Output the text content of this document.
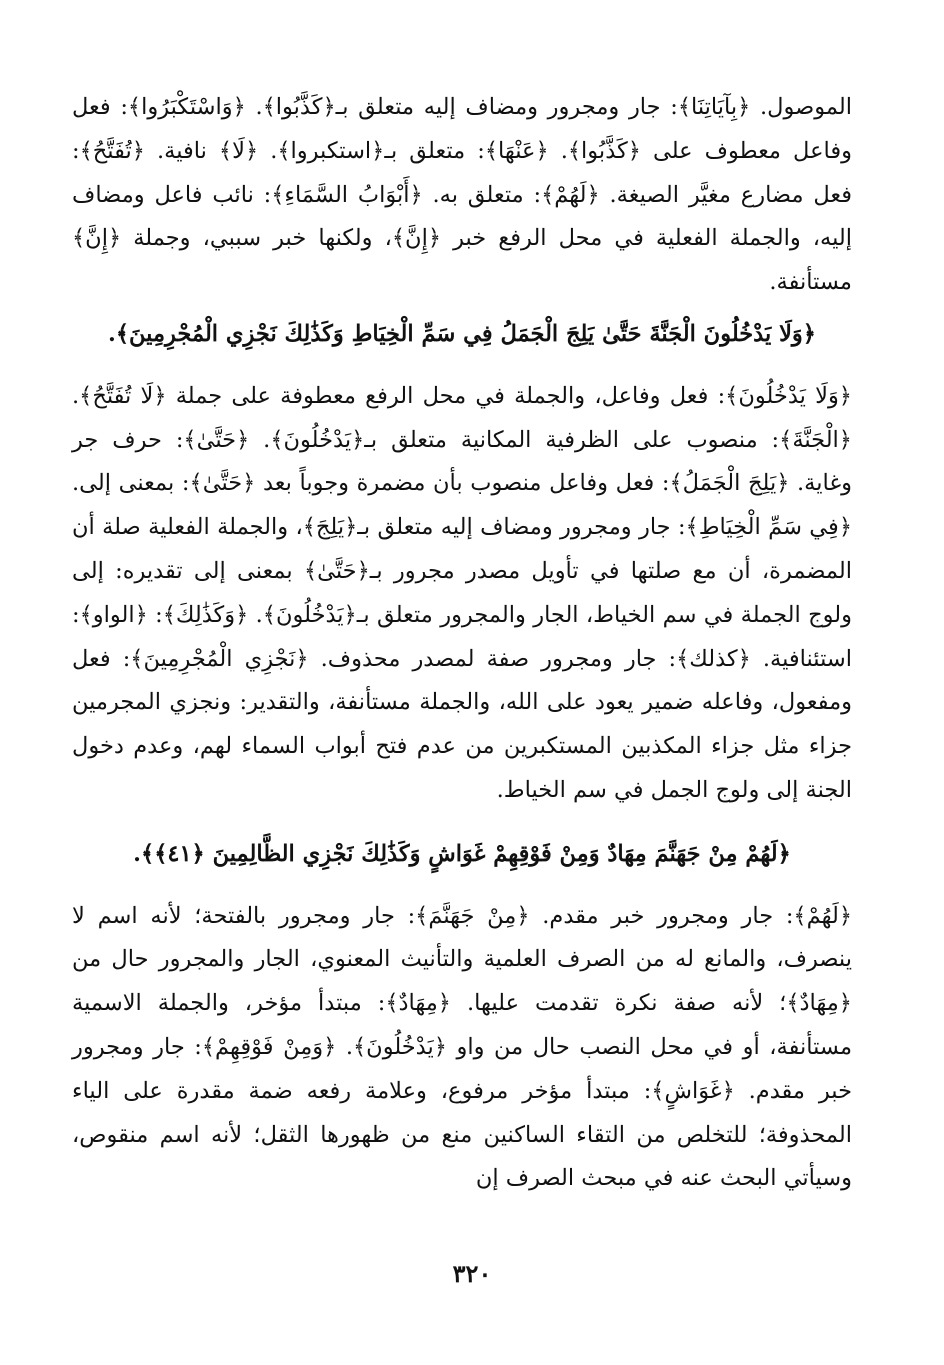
الموصول. ﴿بِآيَاتِنَا﴾: جار ومجرور ومضاف إليه متعلق بـ﴿كَذَّبُوا﴾. ﴿وَاسْتَكْبَرُوا﴾: فعل وفاعل معطوف على ﴿كَذَّبُوا﴾. ﴿عَنْهَا﴾: متعلق بـ﴿استكبروا﴾. ﴿لَا﴾ نافية. ﴿تُفَتَّحُ﴾: فعل مضارع مغيَّر الصيغة. ﴿لَهُمْ﴾: متعلق به. ﴿أَبْوَابُ السَّمَاءِ﴾: نائب فاعل ومضاف إليه، والجملة الفعلية في محل الرفع خبر ﴿إِنَّ﴾، ولكنها خبر سببي، وجملة ﴿إِنَّ﴾ مستأنفة.

﴿وَلَا يَدْخُلُونَ الْجَنَّةَ حَتَّىٰ يَلِجَ الْجَمَلُ فِي سَمِّ الْخِيَاطِ وَكَذَٰلِكَ نَجْزِي الْمُجْرِمِينَ﴾.

﴿وَلَا يَدْخُلُونَ﴾: فعل وفاعل، والجملة في محل الرفع معطوفة على جملة ﴿لَا تُفَتَّحُ﴾. ﴿الْجَنَّةَ﴾: منصوب على الظرفية المكانية متعلق بـ﴿يَدْخُلُونَ﴾. ﴿حَتَّىٰ﴾: حرف جر وغاية. ﴿يَلِجَ الْجَمَلُ﴾: فعل وفاعل منصوب بأن مضمرة وجوباً بعد ﴿حَتَّىٰ﴾: بمعنى إلى. ﴿فِي سَمِّ الْخِيَاطِ﴾: جار ومجرور ومضاف إليه متعلق بـ﴿يَلِجَ﴾، والجملة الفعلية صلة أن المضمرة، أن مع صلتها في تأويل مصدر مجرور بـ﴿حَتَّىٰ﴾ بمعنى إلى تقديره: إلى ولوج الجملة في سم الخياط، الجار والمجرور متعلق بـ﴿يَدْخُلُونَ﴾. ﴿وَكَذَٰلِكَ﴾: ﴿الواو﴾: استئنافية. ﴿كذلك﴾: جار ومجرور صفة لمصدر محذوف. ﴿نَجْزِي الْمُجْرِمِينَ﴾: فعل ومفعول، وفاعله ضمير يعود على الله، والجملة مستأنفة، والتقدير: ونجزي المجرمين جزاء مثل جزاء المكذبين المستكبرين من عدم فتح أبواب السماء لهم، وعدم دخول الجنة إلى ولوج الجمل في سم الخياط.

﴿لَهُمْ مِنْ جَهَنَّمَ مِهَادٌ وَمِنْ فَوْقِهِمْ غَوَاشٍ وَكَذَٰلِكَ نَجْزِي الظَّالِمِينَ ﴿٤١﴾﴾.

﴿لَهُمْ﴾: جار ومجرور خبر مقدم. ﴿مِنْ جَهَنَّمَ﴾: جار ومجرور بالفتحة؛ لأنه اسم لا ينصرف، والمانع له من الصرف العلمية والتأنيث المعنوي، الجار والمجرور حال من ﴿مِهَادٌ﴾؛ لأنه صفة نكرة تقدمت عليها. ﴿مِهَادٌ﴾: مبتدأ مؤخر، والجملة الاسمية مستأنفة، أو في محل النصب حال من واو ﴿يَدْخُلُونَ﴾. ﴿وَمِنْ فَوْقِهِمْ﴾: جار ومجرور خبر مقدم. ﴿غَوَاشٍ﴾: مبتدأ مؤخر مرفوع، وعلامة رفعه ضمة مقدرة على الياء المحذوفة؛ للتخلص من التقاء الساكنين منع من ظهورها الثقل؛ لأنه اسم منقوص، وسيأتي البحث عنه في مبحث الصرف إن

٣٢٠
